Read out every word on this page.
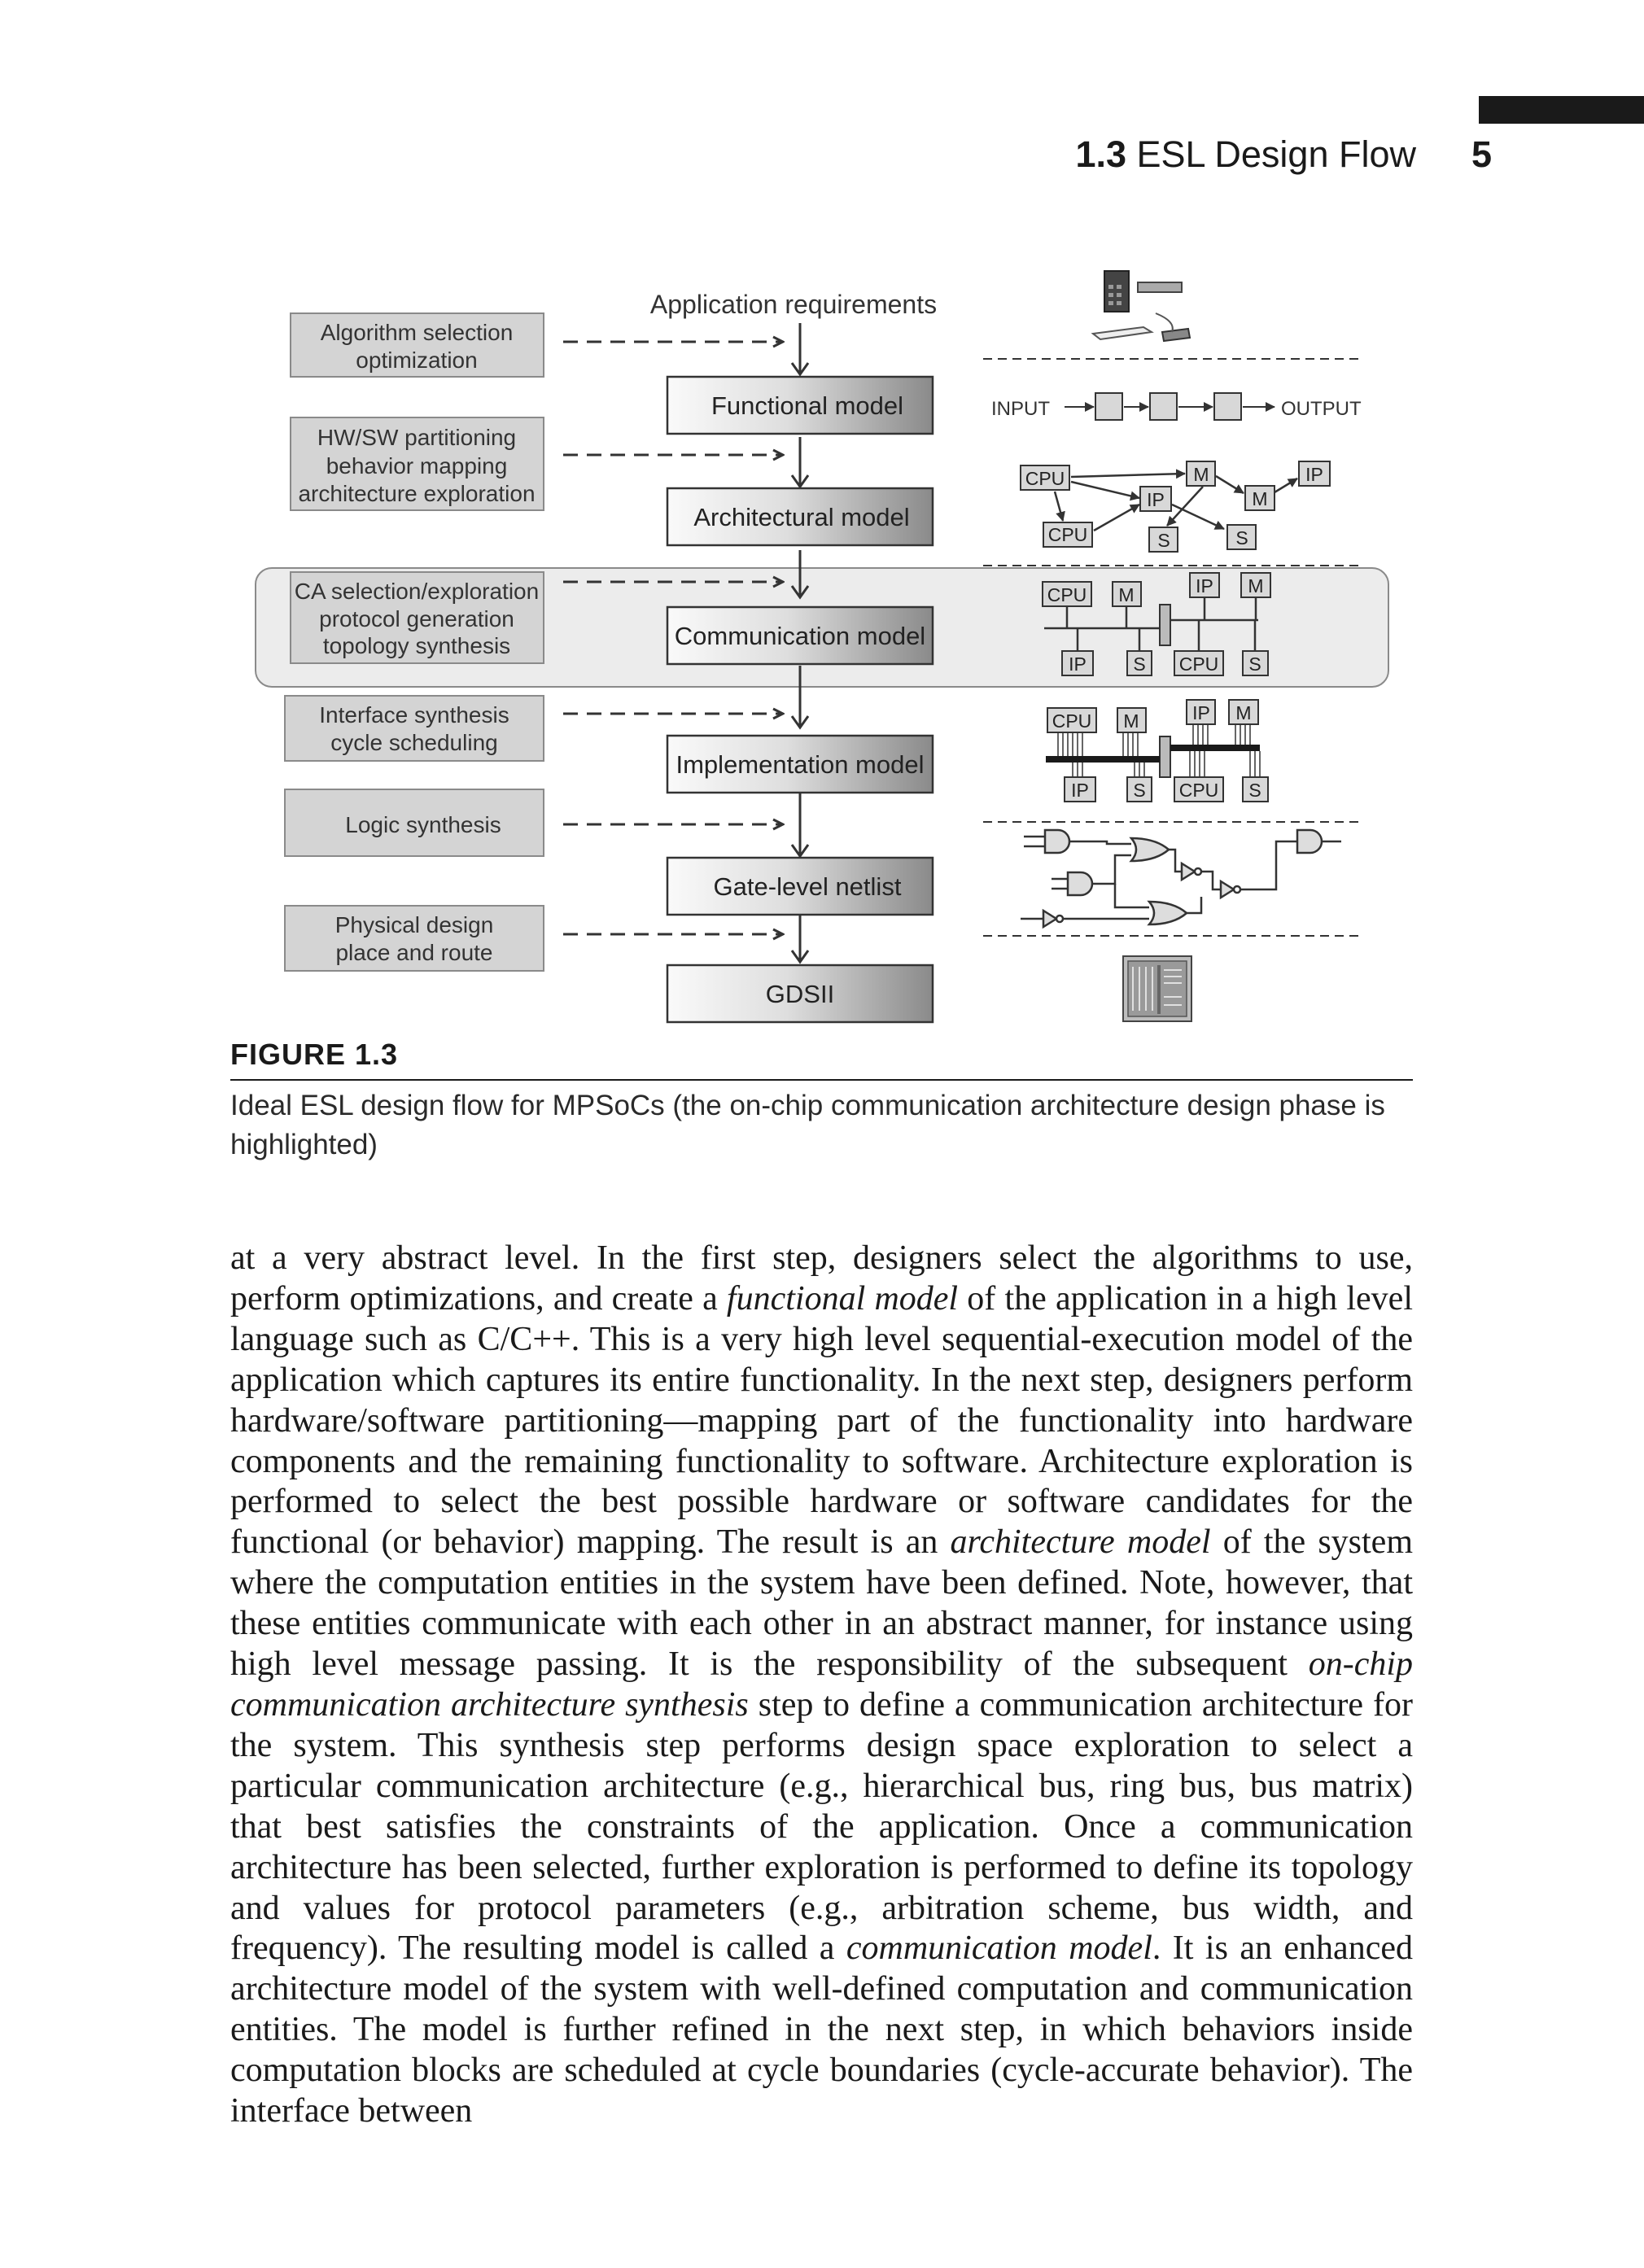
1.3 ESL Design Flow 5
Application requirements
Algorithm selection
optimization
HW/SW partitioning
behavior mapping
architecture exploration
CA selection/exploration
protocol generation
topology synthesis
Interface synthesis
cycle scheduling
Logic synthesis
Physical design
place and route
Functional model
Architectural model
Communication model
Implementation model
Gate-level netlist
GDSII
INPUT	OUTPUT
CPU
CPU
M
IP
S
M
IP
S
CPU M	IP M
IP S CPU S
CPU M	IP M
IP S CPU S
FIGURE 1.3
Ideal ESL design flow for MPSoCs (the on-chip communication architecture design phase is highlighted)

at a very abstract level. In the first step, designers select the algorithms to use, perform optimizations, and create a functional model of the application in a high level language such as C/C++. This is a very high level sequential-execution model of the application which captures its entire functionality. In the next step, designers perform hardware/software partitioning—mapping part of the functionality into hardware components and the remaining functionality to software. Architecture exploration is performed to select the best possible hardware or software candidates for the functional (or behavior) mapping. The result is an architecture model of the system where the computation entities in the system have been defined. Note, however, that these entities communicate with each other in an abstract manner, for instance using high level message passing. It is the responsibility of the subsequent on-chip communication architecture synthesis step to define a communication architecture for the system. This synthesis step performs design space exploration to select a particular communication architecture (e.g., hierarchical bus, ring bus, bus matrix) that best satisfies the constraints of the application. Once a communication architecture has been selected, further exploration is performed to define its topology and values for protocol parameters (e.g., arbitration scheme, bus width, and frequency). The resulting model is called a communication model. It is an enhanced architecture model of the system with well-defined computation and communication entities. The model is further refined in the next step, in which behaviors inside computation blocks are scheduled at cycle boundaries (cycle-accurate behavior). The interface between
